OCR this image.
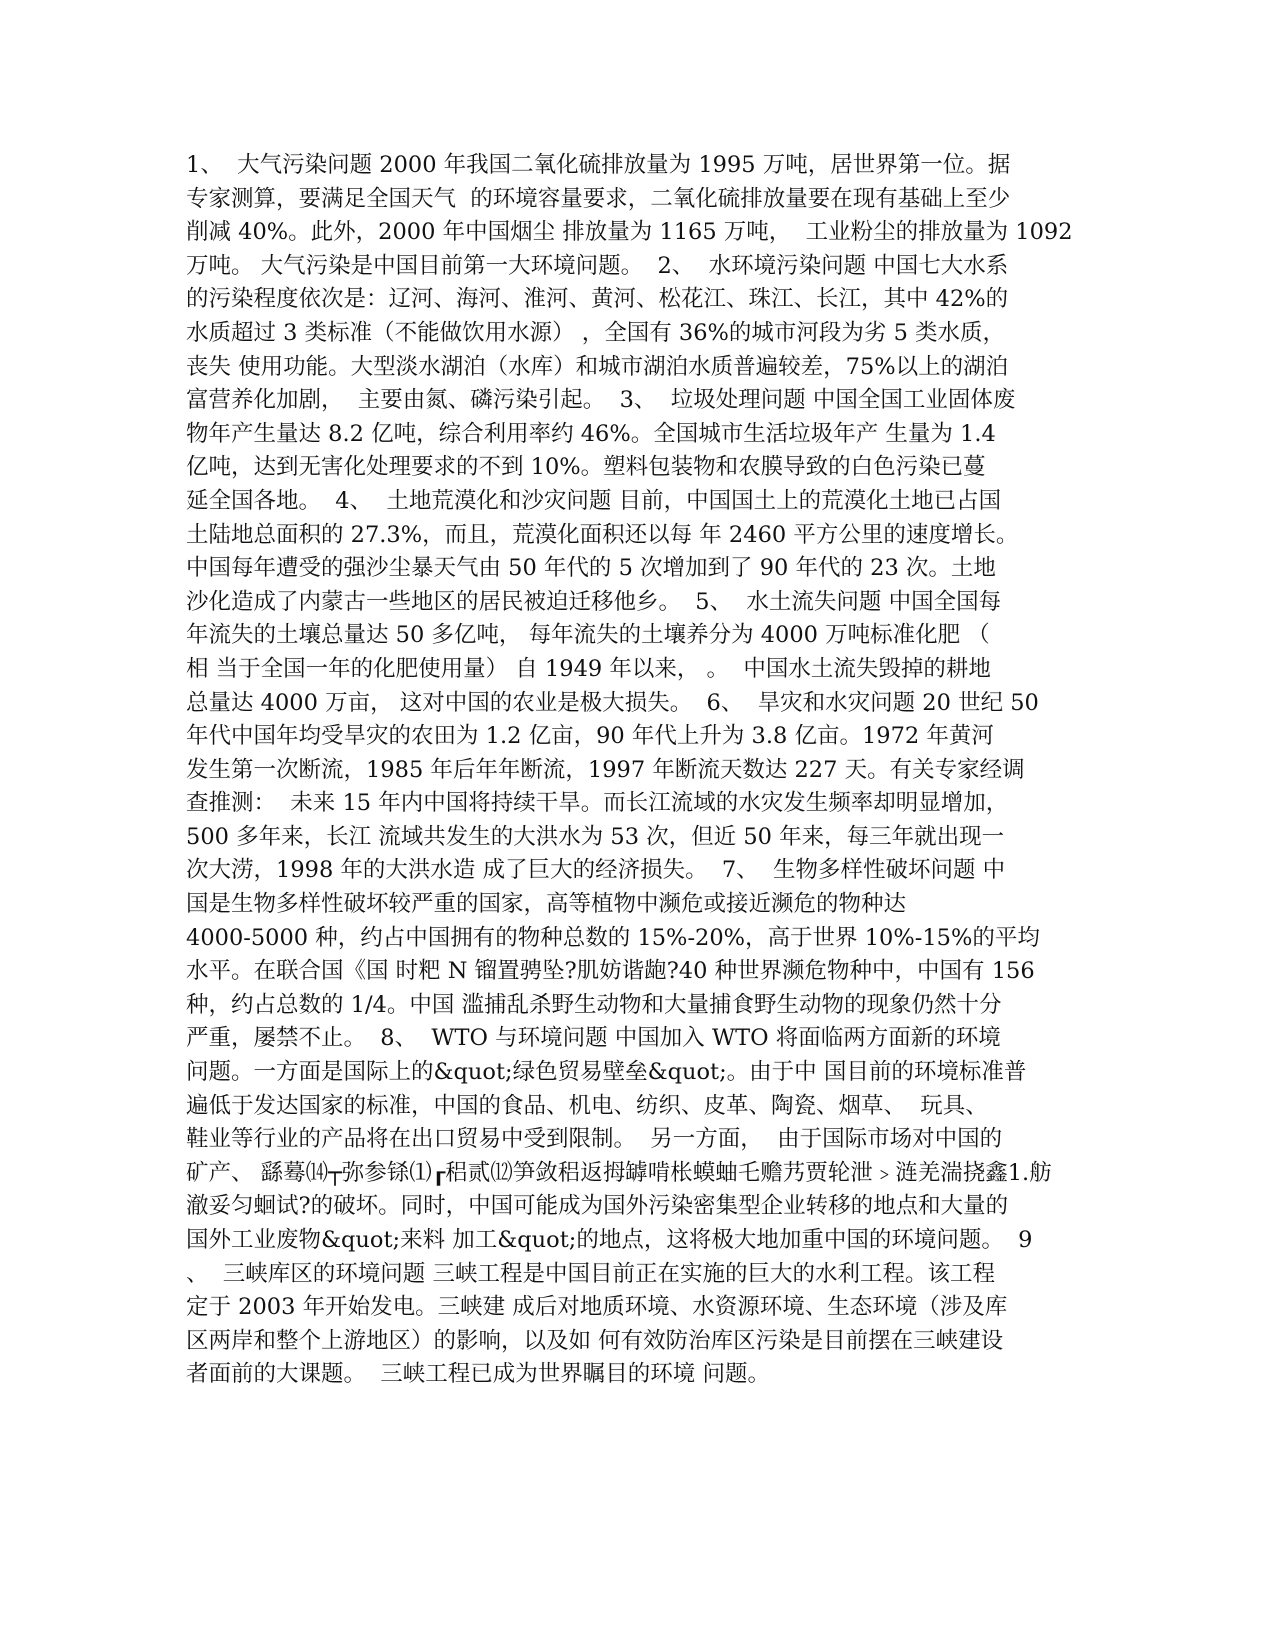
1、  大气污染问题 2000 年我国二氧化硫排放量为 1995 万吨，居世界第一位。据
专家测算，要满足全国天气  的环境容量要求，二氧化硫排放量要在现有基础上至少
削减 40%。此外，2000 年中国烟尘 排放量为 1165 万吨，  工业粉尘的排放量为 1092
万吨。 大气污染是中国目前第一大环境问题。  2、  水环境污染问题 中国七大水系
的污染程度依次是：辽河、海河、淮河、黄河、松花江、珠江、长江，其中 42%的
水质超过 3 类标准（不能做饮用水源） ，全国有 36%的城市河段为劣 5 类水质，
丧失 使用功能。大型淡水湖泊（水库）和城市湖泊水质普遍较差，75%以上的湖泊
富营养化加剧，  主要由氮、磷污染引起。  3、  垃圾处理问题 中国全国工业固体废
物年产生量达 8.2 亿吨，综合利用率约 46%。全国城市生活垃圾年产 生量为 1.4
亿吨，达到无害化处理要求的不到 10%。塑料包装物和农膜导致的白色污染已蔓
延全国各地。  4、  土地荒漠化和沙灾问题 目前，中国国土上的荒漠化土地已占国
土陆地总面积的 27.3%，而且，荒漠化面积还以每 年 2460 平方公里的速度增长。
中国每年遭受的强沙尘暴天气由 50 年代的 5 次增加到了 90 年代的 23 次。土地
沙化造成了内蒙古一些地区的居民被迫迁移他乡。  5、  水土流失问题 中国全国每
年流失的土壤总量达 50 多亿吨， 每年流失的土壤养分为 4000 万吨标准化肥 （
相 当于全国一年的化肥使用量） 自 1949 年以来， 。  中国水土流失毁掉的耕地
总量达 4000 万亩， 这对中国的农业是极大损失。  6、  旱灾和水灾问题 20 世纪 50
年代中国年均受旱灾的农田为 1.2 亿亩，90 年代上升为 3.8 亿亩。1972 年黄河
发生第一次断流，1985 年后年年断流，1997 年断流天数达 227 天。有关专家经调
查推测：  未来 15 年内中国将持续干旱。而长江流域的水灾发生频率却明显增加，
500 多年来，长江 流域共发生的大洪水为 53 次，但近 50 年来，每三年就出现一
次大涝，1998 年的大洪水造 成了巨大的经济损失。  7、  生物多样性破坏问题 中
国是生物多样性破坏较严重的国家，高等植物中濒危或接近濒危的物种达
4000-5000 种，约占中国拥有的物种总数的 15%-20%，高于世界 10%-15%的平均
水平。在联合国《国 时粑 N 镏置骋坠?肌妨谐龅?40 种世界濒危物种中，中国有 156
种，约占总数的 1/4。中国 滥捕乱杀野生动物和大量捕食野生动物的现象仍然十分
严重，屡禁不止。  8、  WTO 与环境问题 中国加入 WTO 将面临两方面新的环境
问题。一方面是国际上的&quot;绿色贸易壁垒&quot;。由于中 国目前的环境标准普
遍低于发达国家的标准，中国的食品、机电、纺织、皮革、陶瓷、烟草、  玩具、
鞋业等行业的产品将在出口贸易中受到限制。  另一方面，  由于国际市场对中国的
矿产、 繇蓦⒁┬弥参铩⑴┎稆贰⑿笋敛稆返拇罅啃枨蟆蚰乇赡艿贾轮泄﹥涟羌湍挠鑫1.舫
澈妥匀蛔试?的破坏。同时，中国可能成为国外污染密集型企业转移的地点和大量的
国外工业废物&quot;来料 加工&quot;的地点，这将极大地加重中国的环境问题。  9
、  三峡库区的环境问题 三峡工程是中国目前正在实施的巨大的水利工程。该工程
定于 2003 年开始发电。三峡建 成后对地质环境、水资源环境、生态环境（涉及库
区两岸和整个上游地区）的影响，以及如 何有效防治库区污染是目前摆在三峡建设
者面前的大课题。  三峡工程已成为世界瞩目的环境 问题。
